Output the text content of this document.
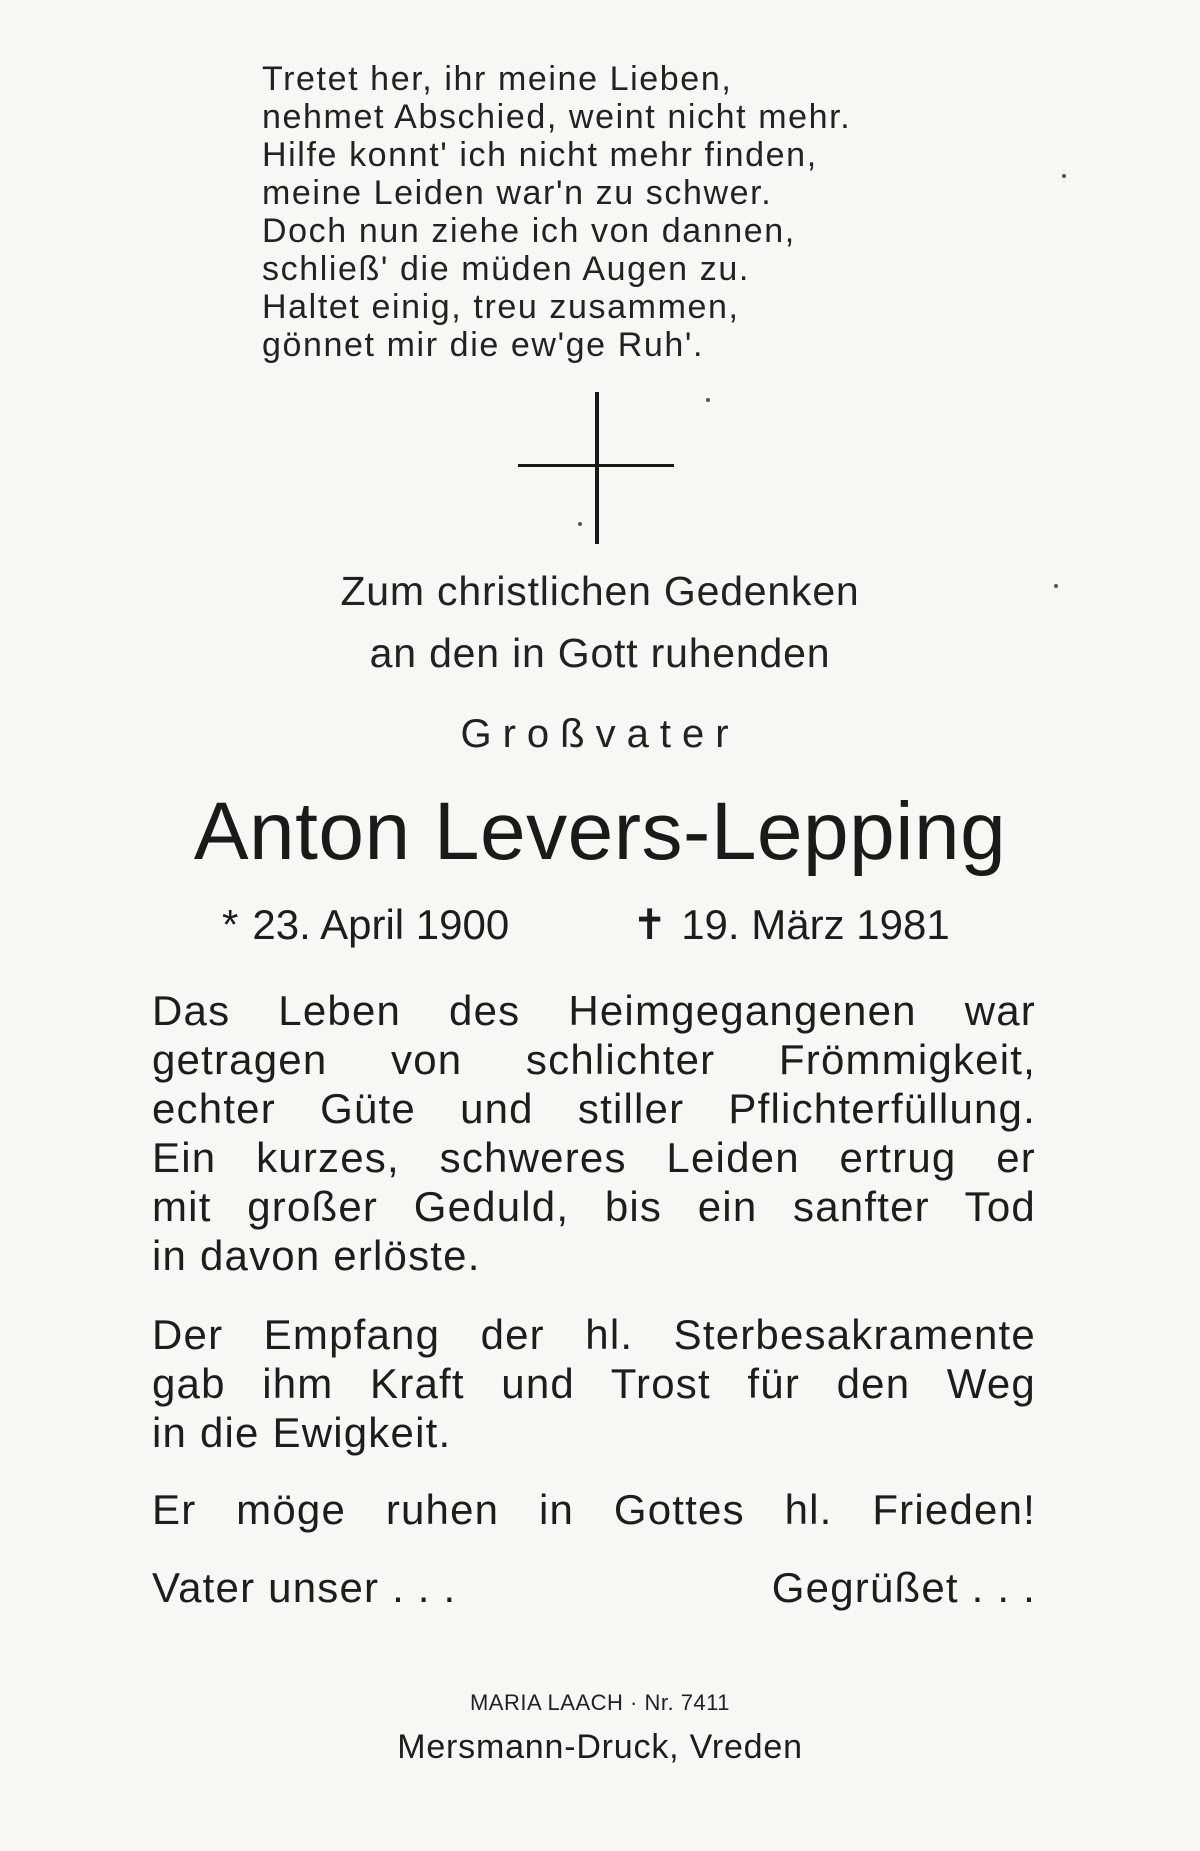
Tretet her, ihr meine Lieben,
nehmet Abschied, weint nicht mehr.
Hilfe konnt' ich nicht mehr finden,
meine Leiden war'n zu schwer.
Doch nun ziehe ich von dannen,
schließ' die müden Augen zu.
Haltet einig, treu zusammen,
gönnet mir die ew'ge Ruh'.
Zum christlichen Gedenken
an den in Gott ruhenden
Großvater
Anton Levers-Lepping
* 23. April 1900	✝ 19. März 1981
Das Leben des Heimgegangenen war
getragen von schlichter Frömmigkeit,
echter Güte und stiller Pflichterfüllung.
Ein kurzes, schweres Leiden ertrug er
mit großer Geduld, bis ein sanfter Tod
in davon erlöste.
Der Empfang der hl. Sterbesakramente
gab ihm Kraft und Trost für den Weg
in die Ewigkeit.
Er möge ruhen in Gottes hl. Frieden!
Vater unser . . .	Gegrüßet . . .
MARIA LAACH · Nr. 7411
Mersmann-Druck, Vreden
